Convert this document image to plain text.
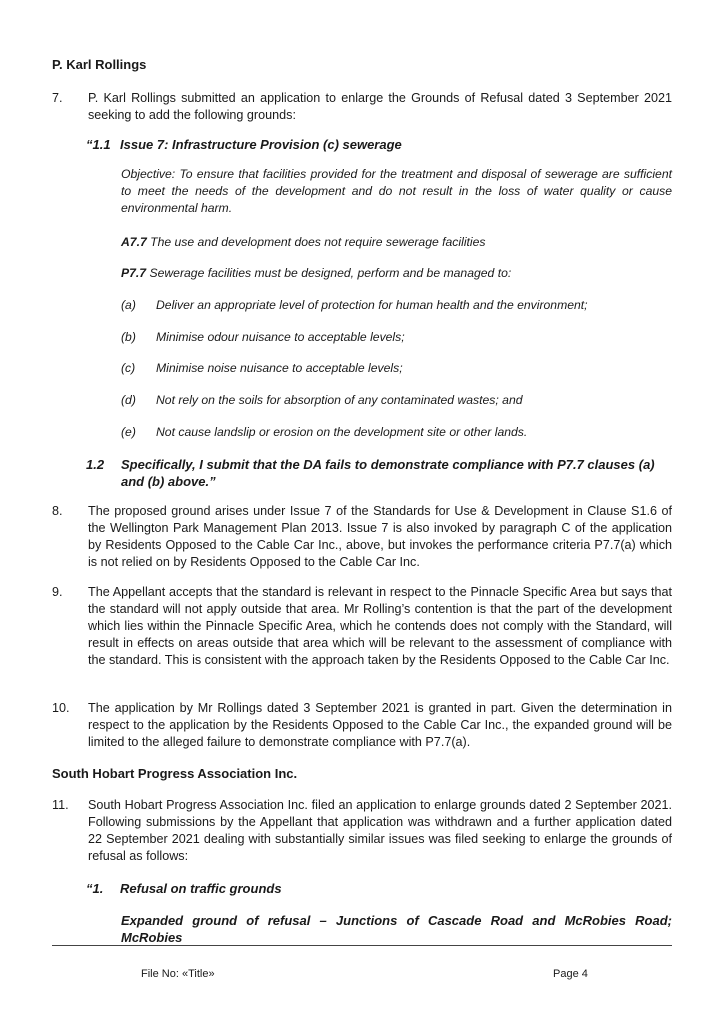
P. Karl Rollings
7.	P. Karl Rollings submitted an application to enlarge the Grounds of Refusal dated 3 September 2021 seeking to add the following grounds:
“1.1 Issue 7: Infrastructure Provision (c) sewerage
Objective: To ensure that facilities provided for the treatment and disposal of sewerage are sufficient to meet the needs of the development and do not result in the loss of water quality or cause environmental harm.
A7.7 The use and development does not require sewerage facilities
P7.7 Sewerage facilities must be designed, perform and be managed to:
(a) Deliver an appropriate level of protection for human health and the environment;
(b) Minimise odour nuisance to acceptable levels;
(c) Minimise noise nuisance to acceptable levels;
(d) Not rely on the soils for absorption of any contaminated wastes; and
(e) Not cause landslip or erosion on the development site or other lands.
1.2 Specifically, I submit that the DA fails to demonstrate compliance with P7.7 clauses (a) and (b) above.”
8.	The proposed ground arises under Issue 7 of the Standards for Use & Development in Clause S1.6 of the Wellington Park Management Plan 2013. Issue 7 is also invoked by paragraph C of the application by Residents Opposed to the Cable Car Inc., above, but invokes the performance criteria P7.7(a) which is not relied on by Residents Opposed to the Cable Car Inc.
9.	The Appellant accepts that the standard is relevant in respect to the Pinnacle Specific Area but says that the standard will not apply outside that area. Mr Rolling’s contention is that the part of the development which lies within the Pinnacle Specific Area, which he contends does not comply with the Standard, will result in effects on areas outside that area which will be relevant to the assessment of compliance with the standard. This is consistent with the approach taken by the Residents Opposed to the Cable Car Inc.
10.	The application by Mr Rollings dated 3 September 2021 is granted in part. Given the determination in respect to the application by the Residents Opposed to the Cable Car Inc., the expanded ground will be limited to the alleged failure to demonstrate compliance with P7.7(a).
South Hobart Progress Association Inc.
11.	South Hobart Progress Association Inc. filed an application to enlarge grounds dated 2 September 2021. Following submissions by the Appellant that application was withdrawn and a further application dated 22 September 2021 dealing with substantially similar issues was filed seeking to enlarge the grounds of refusal as follows:
“1. Refusal on traffic grounds
Expanded ground of refusal – Junctions of Cascade Road and McRobies Road; McRobies
File No: «Title»	Page 4
